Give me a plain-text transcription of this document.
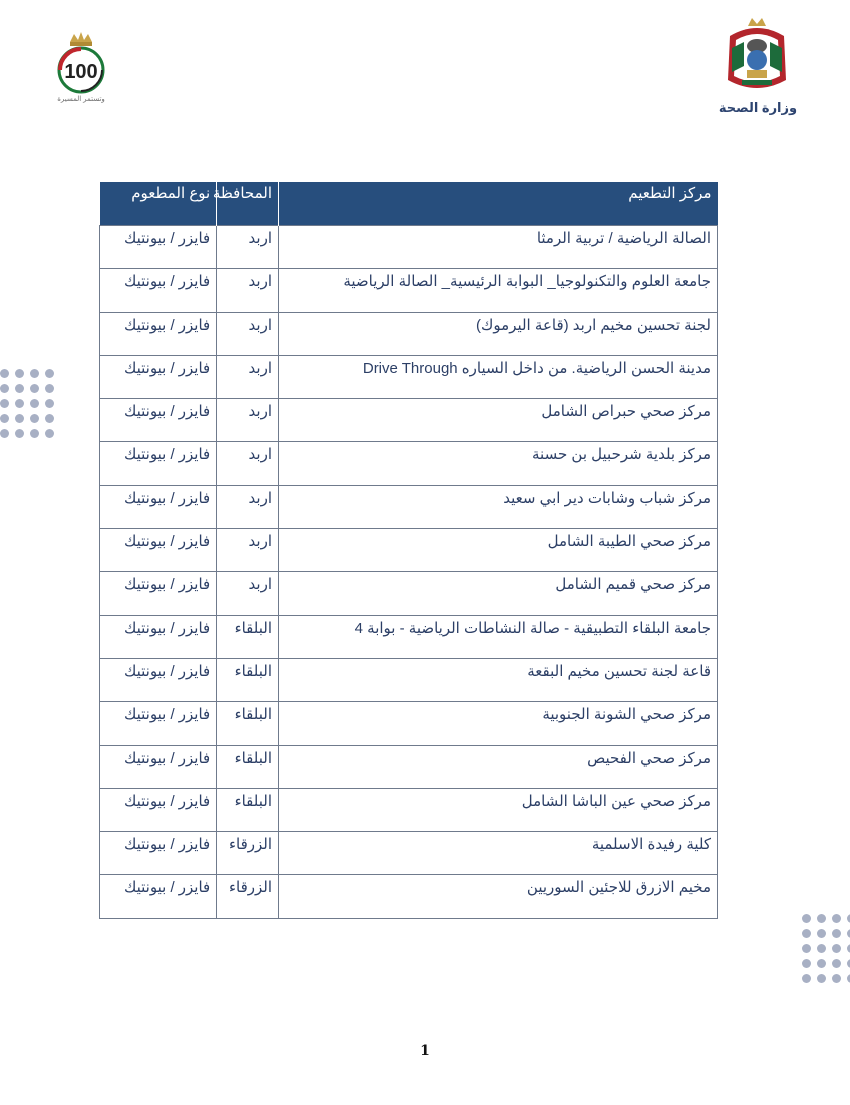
100
وتستمر المسيرة
وزارة الصحة
مركز التطعيم	المحافظة	نوع المطعوم
الصالة الرياضية / تربية الرمثا	اربد	فايزر / بيونتيك
جامعة العلوم والتكنولوجيا_ البوابة الرئيسية_ الصالة الرياضية	اربد	فايزر / بيونتيك
لجنة تحسين مخيم اربد (قاعة اليرموك)	اربد	فايزر / بيونتيك
مدينة الحسن الرياضية. من داخل السياره Drive Through	اربد	فايزر / بيونتيك
مركز صحي حبراص الشامل	اربد	فايزر / بيونتيك
مركز بلدية شرحبيل بن حسنة	اربد	فايزر / بيونتيك
مركز شباب وشابات دير ابي سعيد	اربد	فايزر / بيونتيك
مركز صحي الطيبة الشامل	اربد	فايزر / بيونتيك
مركز صحي قميم الشامل	اربد	فايزر / بيونتيك
جامعة البلقاء التطبيقية - صالة النشاطات الرياضية - بوابة 4	البلقاء	فايزر / بيونتيك
قاعة لجنة تحسين مخيم البقعة	البلقاء	فايزر / بيونتيك
مركز صحي الشونة الجنوبية	البلقاء	فايزر / بيونتيك
مركز صحي الفحيص	البلقاء	فايزر / بيونتيك
مركز صحي عين الباشا الشامل	البلقاء	فايزر / بيونتيك
كلية رفيدة الاسلمية	الزرقاء	فايزر / بيونتيك
مخيم الازرق للاجئين السوريين	الزرقاء	فايزر / بيونتيك
1
